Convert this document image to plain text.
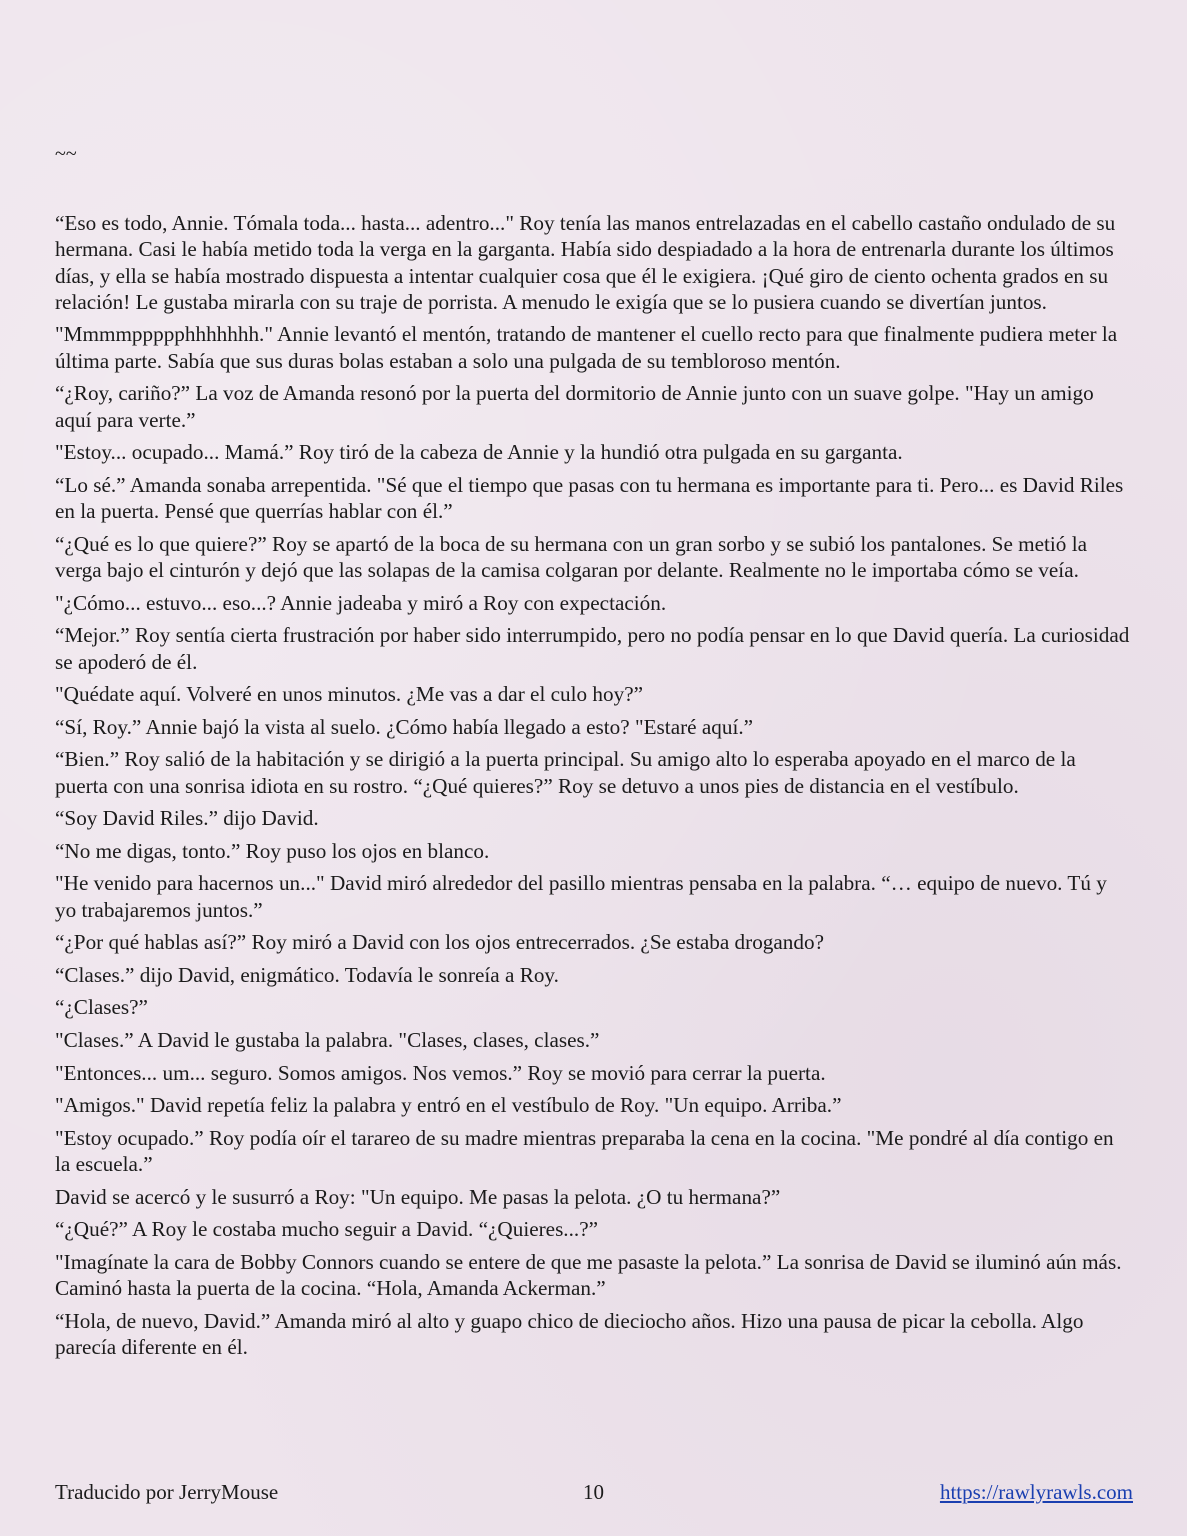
~~

“Eso es todo, Annie. Tómala toda... hasta... adentro..." Roy tenía las manos entrelazadas en el cabello castaño ondulado de su hermana. Casi le había metido toda la verga en la garganta. Había sido despiadado a la hora de entrenarla durante los últimos días, y ella se había mostrado dispuesta a intentar cualquier cosa que él le exigiera. ¡Qué giro de ciento ochenta grados en su relación! Le gustaba mirarla con su traje de porrista. A menudo le exigía que se lo pusiera cuando se divertían juntos.

"Mmmmppppphhhhhhh." Annie levantó el mentón, tratando de mantener el cuello recto para que finalmente pudiera meter la última parte. Sabía que sus duras bolas estaban a solo una pulgada de su tembloroso mentón.

“¿Roy, cariño?” La voz de Amanda resonó por la puerta del dormitorio de Annie junto con un suave golpe. "Hay un amigo aquí para verte.”

"Estoy... ocupado... Mamá.” Roy tiró de la cabeza de Annie y la hundió otra pulgada en su garganta.

“Lo sé.” Amanda sonaba arrepentida. "Sé que el tiempo que pasas con tu hermana es importante para ti. Pero... es David Riles en la puerta. Pensé que querrías hablar con él.”

“¿Qué es lo que quiere?” Roy se apartó de la boca de su hermana con un gran sorbo y se subió los pantalones. Se metió la verga bajo el cinturón y dejó que las solapas de la camisa colgaran por delante. Realmente no le importaba cómo se veía.

"¿Cómo... estuvo... eso...? Annie jadeaba y miró a Roy con expectación.

“Mejor.” Roy sentía cierta frustración por haber sido interrumpido, pero no podía pensar en lo que David quería. La curiosidad se apoderó de él.

"Quédate aquí. Volveré en unos minutos. ¿Me vas a dar el culo hoy?”

“Sí, Roy.” Annie bajó la vista al suelo. ¿Cómo había llegado a esto? "Estaré aquí.”

“Bien.” Roy salió de la habitación y se dirigió a la puerta principal. Su amigo alto lo esperaba apoyado en el marco de la puerta con una sonrisa idiota en su rostro. “¿Qué quieres?” Roy se detuvo a unos pies de distancia en el vestíbulo.

“Soy David Riles.” dijo David.

“No me digas, tonto.” Roy puso los ojos en blanco.

"He venido para hacernos un..." David miró alrededor del pasillo mientras pensaba en la palabra. “… equipo de nuevo. Tú y yo trabajaremos juntos.”

“¿Por qué hablas así?” Roy miró a David con los ojos entrecerrados. ¿Se estaba drogando?

“Clases.” dijo David, enigmático. Todavía le sonreía a Roy.

“¿Clases?”

"Clases.” A David le gustaba la palabra. "Clases, clases, clases.”

"Entonces... um... seguro. Somos amigos. Nos vemos.” Roy se movió para cerrar la puerta.

"Amigos." David repetía feliz la palabra y entró en el vestíbulo de Roy. "Un equipo. Arriba.”

"Estoy ocupado.” Roy podía oír el tarareo de su madre mientras preparaba la cena en la cocina. "Me pondré al día contigo en la escuela.”

David se acercó y le susurró a Roy: "Un equipo. Me pasas la pelota. ¿O tu hermana?”

“¿Qué?” A Roy le costaba mucho seguir a David. “¿Quieres...?”

"Imagínate la cara de Bobby Connors cuando se entere de que me pasaste la pelota.” La sonrisa de David se iluminó aún más. Caminó hasta la puerta de la cocina. “Hola, Amanda Ackerman.”

“Hola, de nuevo, David.” Amanda miró al alto y guapo chico de dieciocho años. Hizo una pausa de picar la cebolla. Algo parecía diferente en él.

Traducido por JerryMouse	10	https://rawlyrawls.com
